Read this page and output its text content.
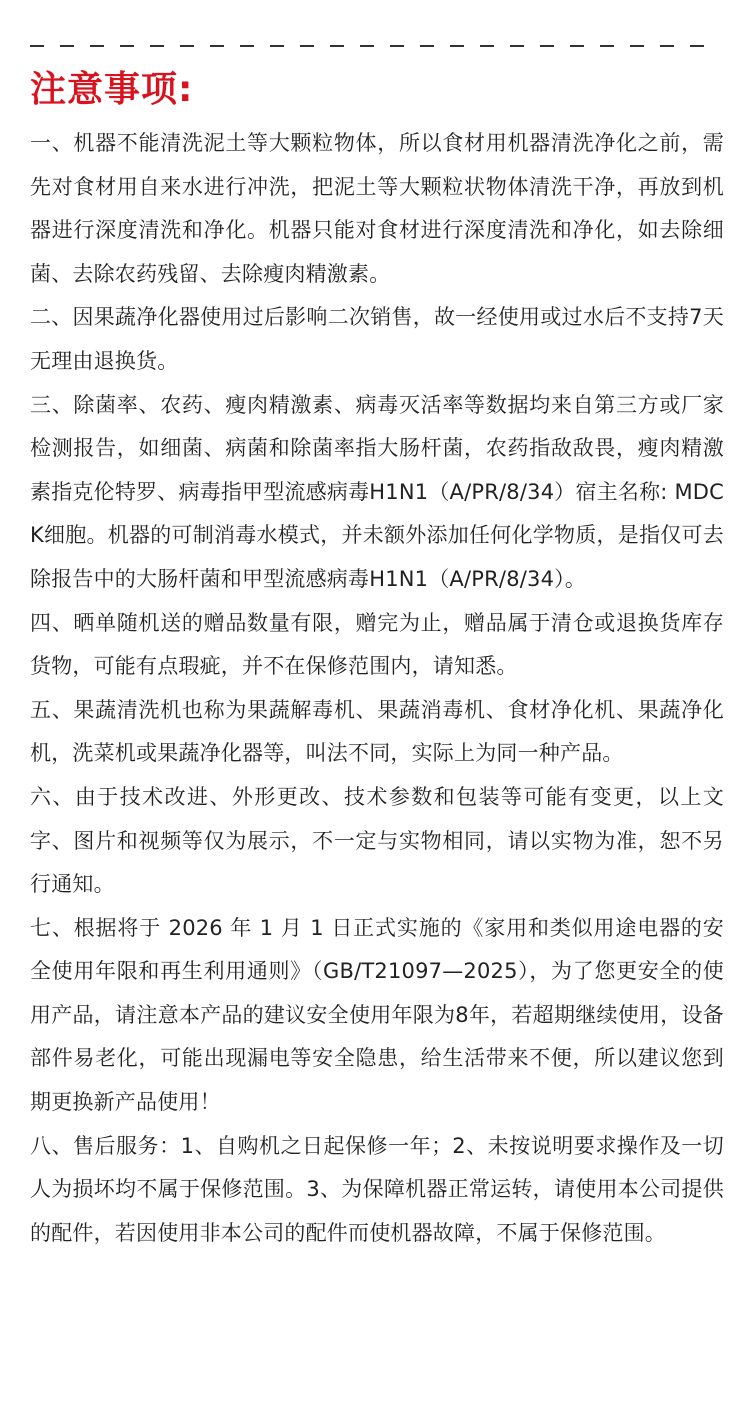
注意事项:
一、机器不能清洗泥土等大颗粒物体，所以食材用机器清洗净化之前，需先对食材用自来水进行冲洗，把泥土等大颗粒状物体清洗干净，再放到机器进行深度清洗和净化。机器只能对食材进行深度清洗和净化，如去除细菌、去除农药残留、去除瘦肉精激素。
二、因果蔬净化器使用过后影响二次销售，故一经使用或过水后不支持7天无理由退换货。
三、除菌率、农药、瘦肉精激素、病毒灭活率等数据均来自第三方或厂家检测报告，如细菌、病菌和除菌率指大肠杆菌，农药指敌敌畏，瘦肉精激素指克伦特罗、病毒指甲型流感病毒H1N1（A/PR/8/34）宿主名称: MDCK细胞。机器的可制消毒水模式，并未额外添加任何化学物质，是指仅可去除报告中的大肠杆菌和甲型流感病毒H1N1（A/PR/8/34）。
四、晒单随机送的赠品数量有限，赠完为止，赠品属于清仓或退换货库存货物，可能有点瑕疵，并不在保修范围内，请知悉。
五、果蔬清洗机也称为果蔬解毒机、果蔬消毒机、食材净化机、果蔬净化机，洗菜机或果蔬净化器等，叫法不同，实际上为同一种产品。
六、由于技术改进、外形更改、技术参数和包装等可能有变更，以上文字、图片和视频等仅为展示，不一定与实物相同，请以实物为准，恕不另行通知。
七、根据将于 2026 年 1 月 1 日正式实施的《家用和类似用途电器的安全使用年限和再生利用通则》（GB/T21097—2025），为了您更安全的使用产品，请注意本产品的建议安全使用年限为8年，若超期继续使用，设备部件易老化，可能出现漏电等安全隐患，给生活带来不便，所以建议您到期更换新产品使用！
八、售后服务：1、自购机之日起保修一年；2、未按说明要求操作及一切人为损坏均不属于保修范围。3、为保障机器正常运转，请使用本公司提供的配件，若因使用非本公司的配件而使机器故障，不属于保修范围。
